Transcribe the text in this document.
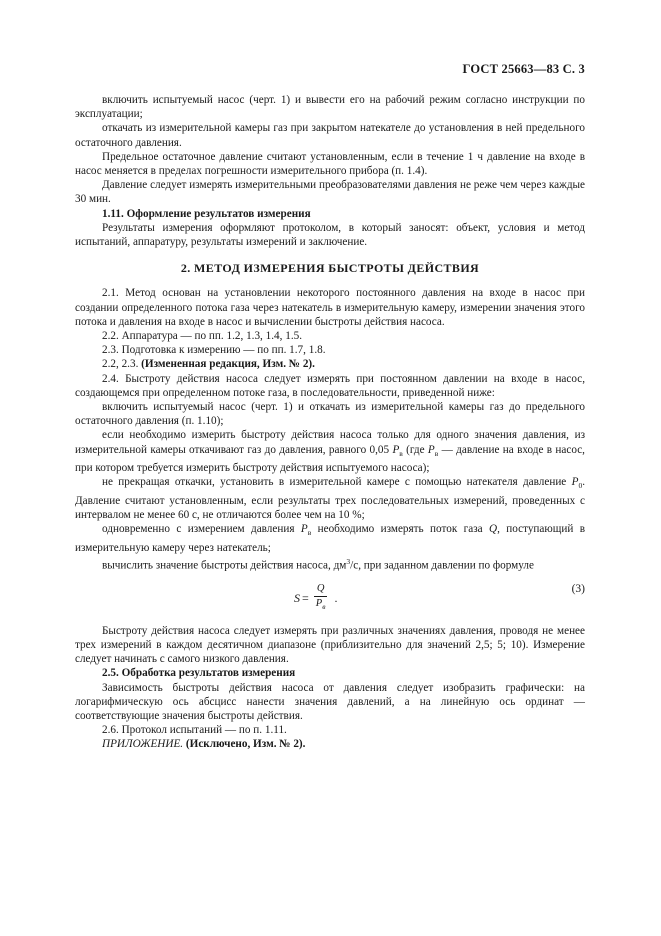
ГОСТ 25663—83 С. 3

включить испытуемый насос (черт. 1) и вывести его на рабочий режим согласно инструкции по эксплуатации;

откачать из измерительной камеры газ при закрытом натекателе до установления в ней предельного остаточного давления.

Предельное остаточное давление считают установленным, если в течение 1 ч давление на входе в насос меняется в пределах погрешности измерительного прибора (п. 1.4).

Давление следует измерять измерительными преобразователями давления не реже чем через каждые 30 мин.

1.11. Оформление результатов измерения

Результаты измерения оформляют протоколом, в который заносят: объект, условия и метод испытаний, аппаратуру, результаты измерений и заключение.

2. МЕТОД ИЗМЕРЕНИЯ БЫСТРОТЫ ДЕЙСТВИЯ

2.1. Метод основан на установлении некоторого постоянного давления на входе в насос при создании определенного потока газа через натекатель в измерительную камеру, измерении значения этого потока и давления на входе в насос и вычислении быстроты действия насоса.

2.2. Аппаратура — по пп. 1.2, 1.3, 1.4, 1.5.

2.3. Подготовка к измерению — по пп. 1.7, 1.8.

2.2, 2.3. (Измененная редакция, Изм. № 2).

2.4. Быстроту действия насоса следует измерять при постоянном давлении на входе в насос, создающемся при определенном потоке газа, в последовательности, приведенной ниже:

включить испытуемый насос (черт. 1) и откачать из измерительной камеры газ до предельного остаточного давления (п. 1.10);

если необходимо измерить быстроту действия насоса только для одного значения давления, из измерительной камеры откачивают газ до давления, равного 0,05 $P_в$ (где $P_в$ — давление на входе в насос, при котором требуется измерить быстроту действия испытуемого насоса);

не прекращая откачки, установить в измерительной камере с помощью натекателя давление $P_0$. Давление считают установленным, если результаты трех последовательных измерений, проведенных с интервалом не менее 60 с, не отличаются более чем на 10 %;

одновременно с измерением давления $P_в$ необходимо измерять поток газа Q, поступающий в измерительную камеру через натекатель;

вычислить значение быстроты действия насоса, $дм^3/с$, при заданном давлении по формуле

$S = \frac{Q}{P_в}$ .
(3)

Быстроту действия насоса следует измерять при различных значениях давления, проводя не менее трех измерений в каждом десятичном диапазоне (приблизительно для значений 2,5; 5; 10). Измерение следует начинать с самого низкого давления.

2.5. Обработка результатов измерения

Зависимость быстроты действия насоса от давления следует изобразить графически: на логарифмическую ось абсцисс нанести значения давлений, а на линейную ось ординат — соответствующие значения быстроты действия.

2.6. Протокол испытаний — по п. 1.11.

ПРИЛОЖЕНИЕ. (Исключено, Изм. № 2).
